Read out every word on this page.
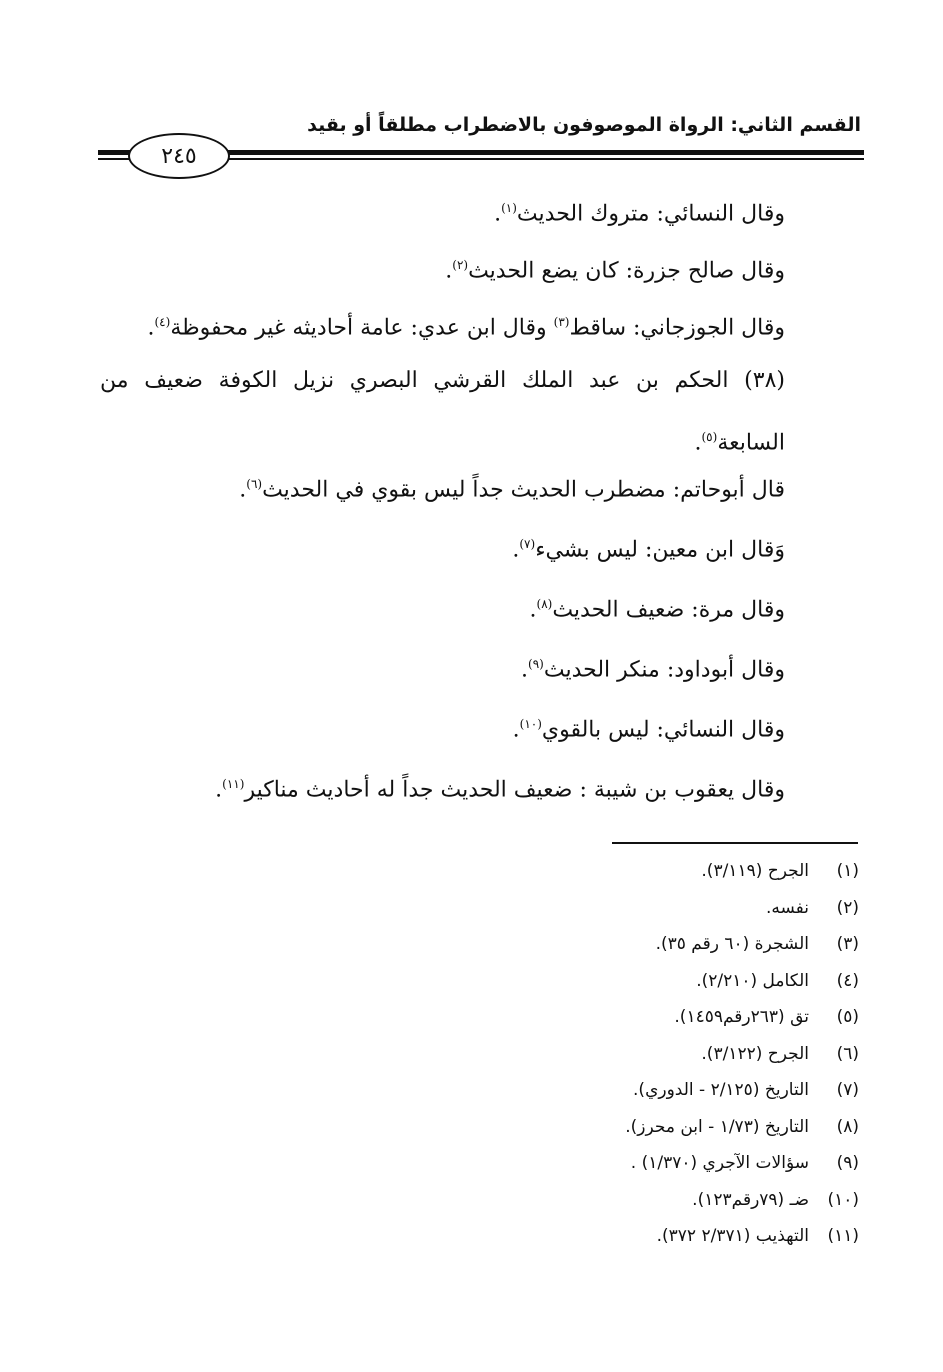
القسم الثاني: الرواة الموصوفون بالاضطراب مطلقاً أو بقيد
٢٤٥
وقال النسائي: متروك الحديث$^{(١)}$.
وقال صالح جزرة: كان يضع الحديث$^{(٢)}$.
وقال الجوزجاني: ساقط$^{(٣)}$ وقال ابن عدي: عامة أحاديثه غير محفوظة$^{(٤)}$.
(٣٨) الحكم بن عبد الملك القرشي البصري نزيل الكوفة ضعيف من السابعة$^{(٥)}$.
قال أبوحاتم: مضطرب الحديث جداً ليس بقوي في الحديث$^{(٦)}$.
وَقال ابن معين: ليس بشيء$^{(٧)}$.
وقال مرة: ضعيف الحديث$^{(٨)}$.
وقال أبوداود: منكر الحديث$^{(٩)}$.
وقال النسائي: ليس بالقوي$^{(١٠)}$.
وقال يعقوب بن شيبة : ضعيف الحديث جداً له أحاديث مناكير$^{(١١)}$.
(١)الجرح (٣/١١٩).
(٢)نفسه.
(٣)الشجرة (٦٠ رقم ٣٥).
(٤)الكامل (٢/٢١٠).
(٥)تق (٢٦٣رقم١٤٥٩).
(٦)الجرح (٣/١٢٢).
(٧)التاريخ (٢/١٢٥ - الدوري).
(٨)التاريخ (١/٧٣ - ابن محرز).
(٩)سؤالات الآجري (١/٣٧٠) .
(١٠)ضـ (٧٩رقم١٢٣).
(١١)التهذيب (٢/٣٧١ ٣٧٢).
